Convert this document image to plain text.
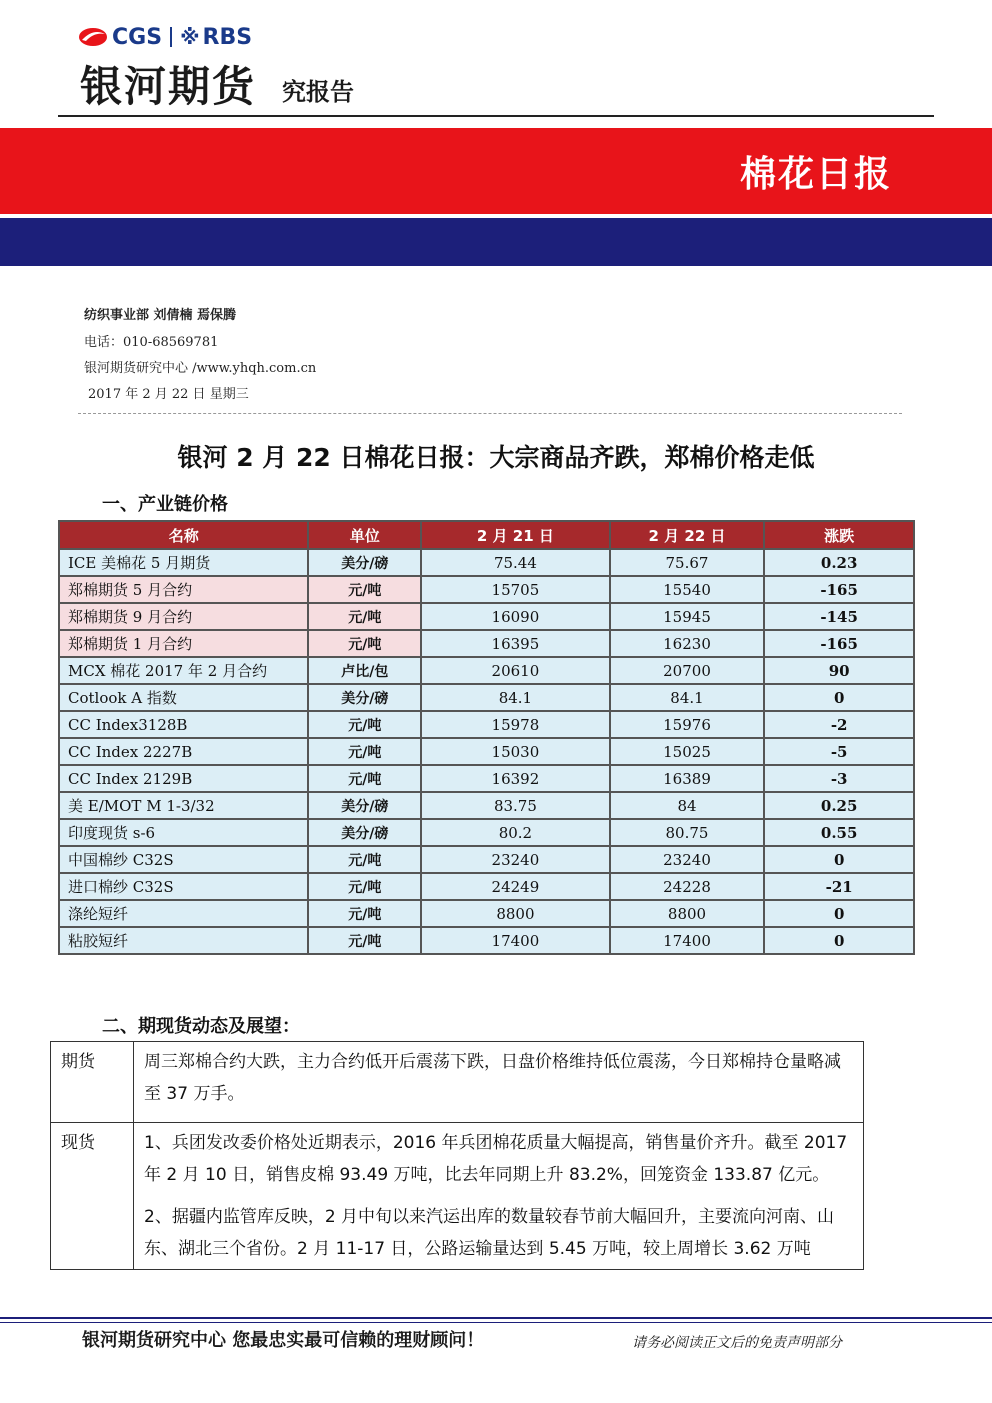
CGS ※ RBS
银河期货 究报告
棉花日报
纺织事业部 刘倩楠 焉保腾
电话：010-68569781
银河期货研究中心 /www.yhqh.com.cn
2017 年 2 月 22 日 星期三
银河 2 月 22 日棉花日报：大宗商品齐跌，郑棉价格走低
一、产业链价格
名称	单位	2 月 21 日	2 月 22 日	涨跌
ICE 美棉花 5 月期货	美分/磅	75.44	75.67	0.23
郑棉期货 5 月合约	元/吨	15705	15540	-165
郑棉期货 9 月合约	元/吨	16090	15945	-145
郑棉期货 1 月合约	元/吨	16395	16230	-165
MCX 棉花 2017 年 2 月合约	卢比/包	20610	20700	90
Cotlook A 指数	美分/磅	84.1	84.1	0
CC Index3128B	元/吨	15978	15976	-2
CC Index 2227B	元/吨	15030	15025	-5
CC Index 2129B	元/吨	16392	16389	-3
美 E/MOT M 1-3/32	美分/磅	83.75	84	0.25
印度现货 s-6	美分/磅	80.2	80.75	0.55
中国棉纱 C32S	元/吨	23240	23240	0
进口棉纱 C32S	元/吨	24249	24228	-21
涤纶短纤	元/吨	8800	8800	0
粘胶短纤	元/吨	17400	17400	0
二、期现货动态及展望：
期货	周三郑棉合约大跌，主力合约低开后震荡下跌，日盘价格维持低位震荡，今日郑棉持仓量略减至 37 万手。

现货	1、兵团发改委价格处近期表示，2016 年兵团棉花质量大幅提高，销售量价齐升。截至 2017 年 2 月 10 日，销售皮棉 93.49 万吨，比去年同期上升 83.2%，回笼资金 133.87 亿元。

2、据疆内监管库反映，2 月中旬以来汽运出库的数量较春节前大幅回升，主要流向河南、山东、湖北三个省份。2 月 11-17 日，公路运输量达到 5.45 万吨，较上周增长 3.62 万吨

银河期货研究中心 您最忠实最可信赖的理财顾问！	请务必阅读正文后的免责声明部分
